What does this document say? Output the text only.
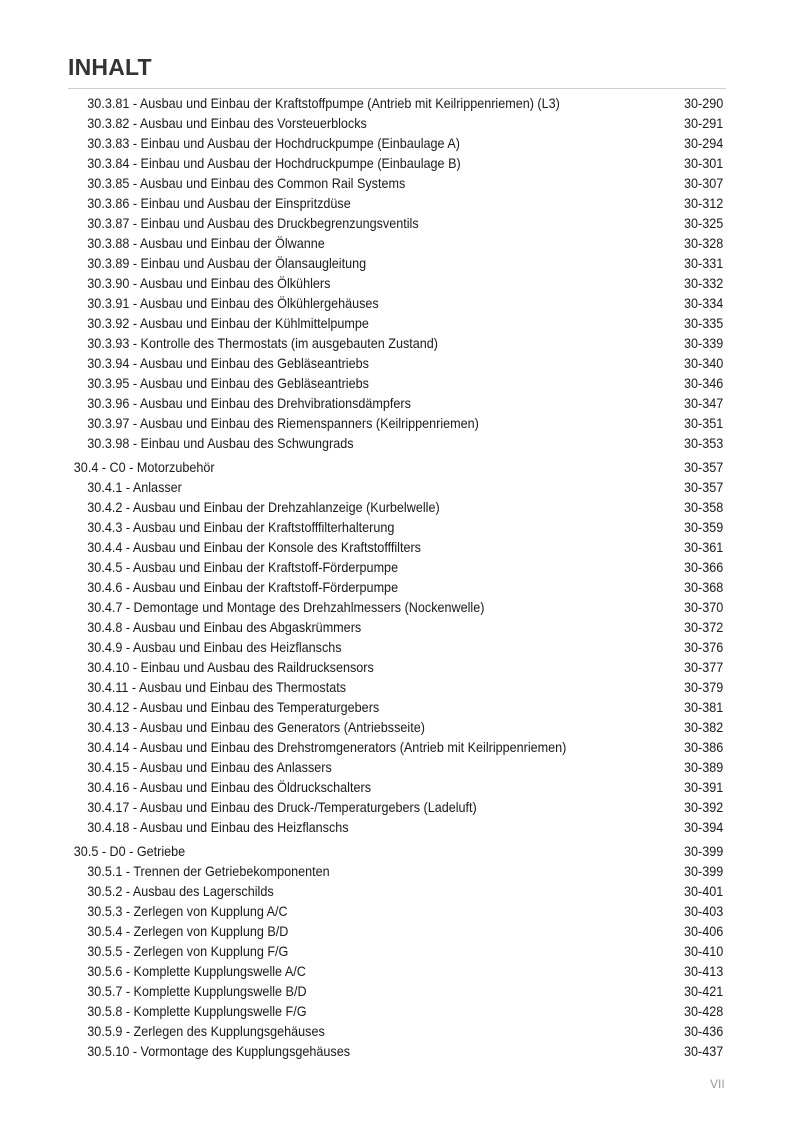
INHALT
30.3.81 - Ausbau und Einbau der Kraftstoffpumpe (Antrieb mit Keilrippenriemen) (L3)	30-290
30.3.82 - Ausbau und Einbau des Vorsteuerblocks	30-291
30.3.83 - Einbau und Ausbau der Hochdruckpumpe (Einbaulage A)	30-294
30.3.84 - Einbau und Ausbau der Hochdruckpumpe (Einbaulage B)	30-301
30.3.85 - Ausbau und Einbau des Common Rail Systems	30-307
30.3.86 - Einbau und Ausbau der Einspritzdüse	30-312
30.3.87 - Einbau und Ausbau des Druckbegrenzungsventils	30-325
30.3.88 - Ausbau und Einbau der Ölwanne	30-328
30.3.89 - Einbau und Ausbau der Ölansaugleitung	30-331
30.3.90 - Ausbau und Einbau des Ölkühlers	30-332
30.3.91 - Ausbau und Einbau des Ölkühlergehäuses	30-334
30.3.92 - Ausbau und Einbau der Kühlmittelpumpe	30-335
30.3.93 - Kontrolle des Thermostats (im ausgebauten Zustand)	30-339
30.3.94 - Ausbau und Einbau des Gebläseantriebs	30-340
30.3.95 - Ausbau und Einbau des Gebläseantriebs	30-346
30.3.96 - Ausbau und Einbau des Drehvibrationsdämpfers	30-347
30.3.97 - Ausbau und Einbau des Riemenspanners (Keilrippenriemen)	30-351
30.3.98 - Einbau und Ausbau des Schwungrads	30-353
30.4 - C0 - Motorzubehör	30-357
30.4.1 - Anlasser	30-357
30.4.2 - Ausbau und Einbau der Drehzahlanzeige (Kurbelwelle)	30-358
30.4.3 - Ausbau und Einbau der Kraftstofffilterhalterung	30-359
30.4.4 - Ausbau und Einbau der Konsole des Kraftstofffilters	30-361
30.4.5 - Ausbau und Einbau der Kraftstoff-Förderpumpe	30-366
30.4.6 - Ausbau und Einbau der Kraftstoff-Förderpumpe	30-368
30.4.7 - Demontage und Montage des Drehzahlmessers (Nockenwelle)	30-370
30.4.8 - Ausbau und Einbau des Abgaskrümmers	30-372
30.4.9 - Ausbau und Einbau des Heizflanschs	30-376
30.4.10 - Einbau und Ausbau des Raildrucksensors	30-377
30.4.11 - Ausbau und Einbau des Thermostats	30-379
30.4.12 - Ausbau und Einbau des Temperaturgebers	30-381
30.4.13 - Ausbau und Einbau des Generators (Antriebsseite)	30-382
30.4.14 - Ausbau und Einbau des Drehstromgenerators (Antrieb mit Keilrippenriemen)	30-386
30.4.15 - Ausbau und Einbau des Anlassers	30-389
30.4.16 - Ausbau und Einbau des Öldruckschalters	30-391
30.4.17 - Ausbau und Einbau des Druck-/Temperaturgebers (Ladeluft)	30-392
30.4.18 - Ausbau und Einbau des Heizflanschs	30-394
30.5 - D0 - Getriebe	30-399
30.5.1 - Trennen der Getriebekomponenten	30-399
30.5.2 - Ausbau des Lagerschilds	30-401
30.5.3 - Zerlegen von Kupplung A/C	30-403
30.5.4 - Zerlegen von Kupplung B/D	30-406
30.5.5 - Zerlegen von Kupplung F/G	30-410
30.5.6 - Komplette Kupplungswelle A/C	30-413
30.5.7 - Komplette Kupplungswelle B/D	30-421
30.5.8 - Komplette Kupplungswelle F/G	30-428
30.5.9 - Zerlegen des Kupplungsgehäuses	30-436
30.5.10 - Vormontage des Kupplungsgehäuses	30-437
VII
